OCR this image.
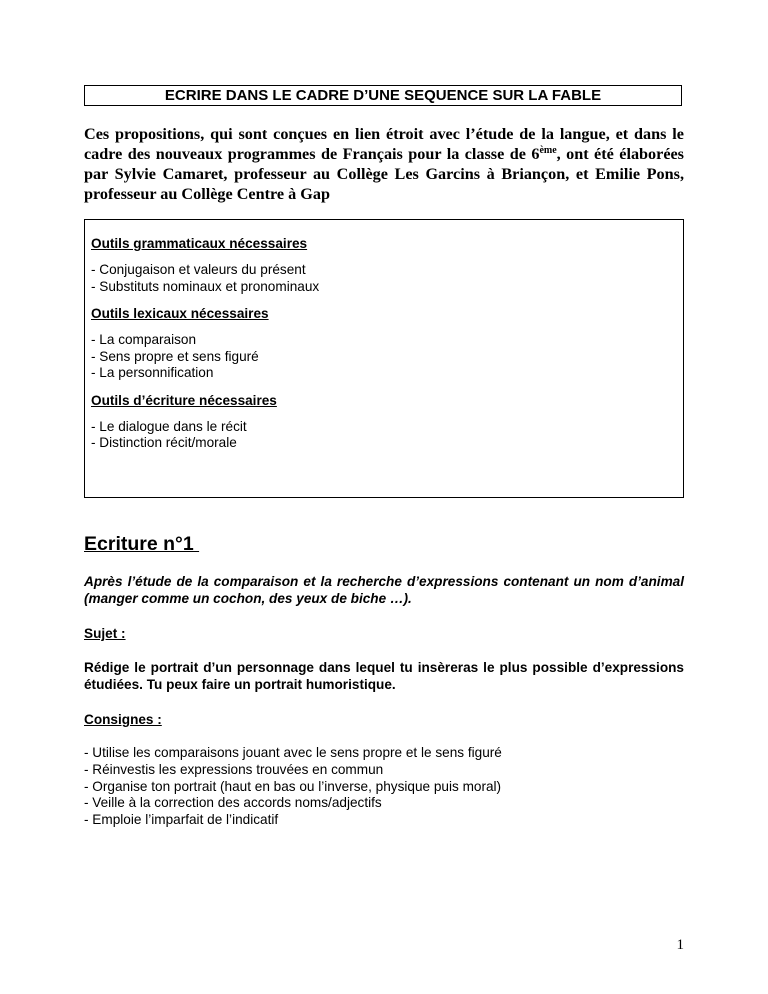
ECRIRE DANS LE CADRE D’UNE SEQUENCE SUR LA FABLE
Ces propositions, qui sont conçues en lien étroit avec l’étude de la langue, et dans le cadre des nouveaux programmes de Français pour la classe de 6ème, ont été élaborées par Sylvie Camaret, professeur au Collège Les Garcins à Briançon, et Emilie Pons, professeur au Collège Centre à Gap
Outils grammaticaux nécessaires
- Conjugaison et valeurs du présent
- Substituts nominaux et pronominaux
Outils lexicaux nécessaires
- La comparaison
- Sens propre et sens figuré
- La personnification
Outils d’écriture nécessaires
- Le dialogue dans le récit
- Distinction récit/morale
Ecriture n°1
Après l’étude de la comparaison et la recherche d’expressions contenant un nom d’animal (manger comme un cochon, des yeux de biche …).
Sujet :
Rédige le portrait d’un personnage dans lequel tu insèreras le plus possible d’expressions étudiées. Tu peux faire un portrait humoristique.
Consignes :
- Utilise les comparaisons jouant avec le sens propre et le sens figuré
- Réinvestis les expressions trouvées en commun
- Organise ton portrait (haut en bas ou l’inverse, physique puis moral)
- Veille à la correction des accords noms/adjectifs
- Emploie l’imparfait de l’indicatif
1
